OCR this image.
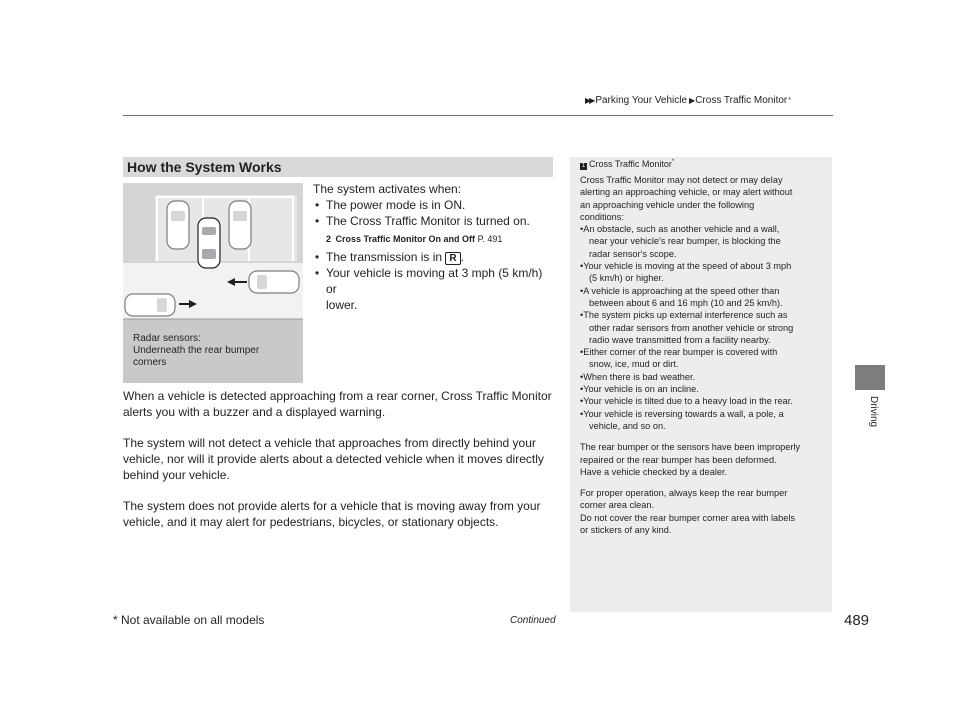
▶▶ Parking Your Vehicle ▶ Cross Traffic Monitor *
Driving
How the System Works
Radar sensors:
Underneath the rear bumper
corners
The system activates when:
• The power mode is in ON.
• The Cross Traffic Monitor is turned on.
2 Cross Traffic Monitor On and Off P. 491
• The transmission is in R .
• Your vehicle is moving at 3 mph (5 km/h) or
lower.
When a vehicle is detected approaching from a rear corner, Cross Traffic Monitor
alerts you with a buzzer and a displayed warning.
The system will not detect a vehicle that approaches from directly behind your
vehicle, nor will it provide alerts about a detected vehicle when it moves directly
behind your vehicle.
The system does not provide alerts for a vehicle that is moving away from your
vehicle, and it may alert for pedestrians, bicycles, or stationary objects.
1 Cross Traffic Monitor*
Cross Traffic Monitor may not detect or may delay
alerting an approaching vehicle, or may alert without
an approaching vehicle under the following
conditions:
• An obstacle, such as another vehicle and a wall,
near your vehicle's rear bumper, is blocking the
radar sensor's scope.
• Your vehicle is moving at the speed of about 3 mph
(5 km/h) or higher.
• A vehicle is approaching at the speed other than
between about 6 and 16 mph (10 and 25 km/h).
• The system picks up external interference such as
other radar sensors from another vehicle or strong
radio wave transmitted from a facility nearby.
• Either corner of the rear bumper is covered with
snow, ice, mud or dirt.
• When there is bad weather.
• Your vehicle is on an incline.
• Your vehicle is tilted due to a heavy load in the rear.
• Your vehicle is reversing towards a wall, a pole, a
vehicle, and so on.
The rear bumper or the sensors have been improperly
repaired or the rear bumper has been deformed.
Have a vehicle checked by a dealer.
For proper operation, always keep the rear bumper
corner area clean.
Do not cover the rear bumper corner area with labels
or stickers of any kind.
* Not available on all models	Continued	489
